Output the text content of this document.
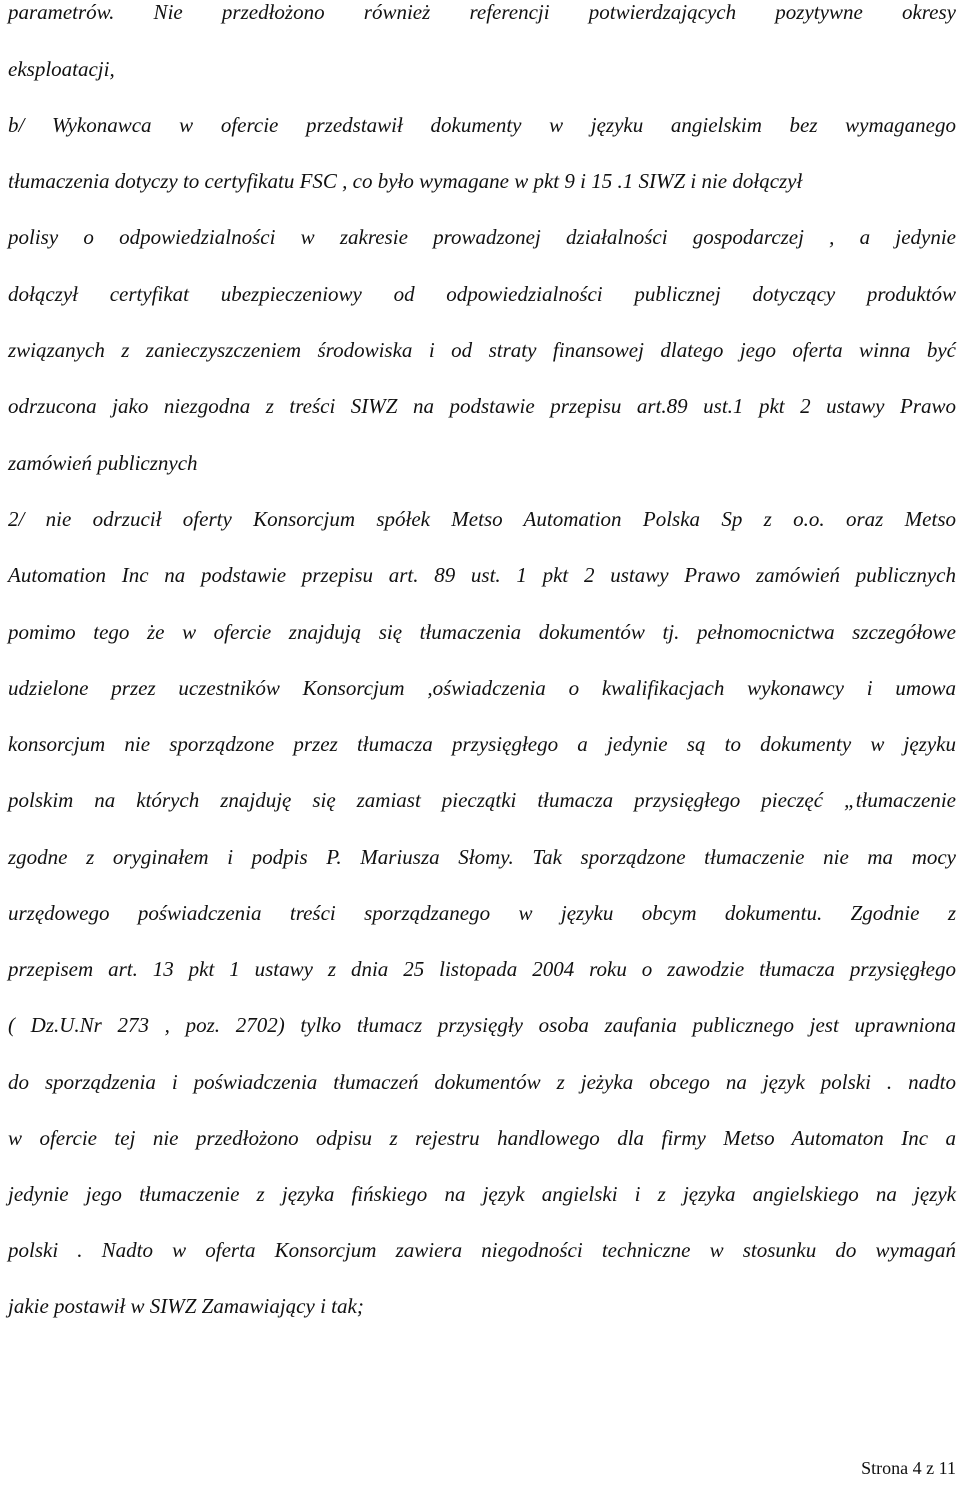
parametrów. Nie przedłożono również referencji potwierdzających pozytywne okresy
eksploatacji,
b/ Wykonawca w ofercie przedstawił dokumenty w języku angielskim bez wymaganego
tłumaczenia dotyczy to certyfikatu FSC , co było wymagane w pkt 9 i 15 .1 SIWZ i nie dołączył
polisy o odpowiedzialności w zakresie prowadzonej działalności gospodarczej , a jedynie
dołączył certyfikat ubezpieczeniowy od odpowiedzialności publicznej dotyczący produktów
związanych z zanieczyszczeniem środowiska i od straty finansowej dlatego jego oferta winna być
odrzucona jako niezgodna z treści SIWZ na podstawie przepisu art.89 ust.1 pkt 2 ustawy Prawo
zamówień publicznych
2/ nie odrzucił oferty Konsorcjum spółek Metso Automation Polska Sp z o.o. oraz Metso
Automation Inc na podstawie przepisu art. 89 ust. 1 pkt 2 ustawy Prawo zamówień publicznych
pomimo tego że w ofercie znajdują się tłumaczenia dokumentów tj. pełnomocnictwa szczegółowe
udzielone przez uczestników Konsorcjum ,oświadczenia o kwalifikacjach wykonawcy i umowa
konsorcjum nie sporządzone przez tłumacza przysięgłego a jedynie są to dokumenty w języku
polskim na których znajduję się zamiast pieczątki tłumacza przysięgłego pieczęć „tłumaczenie
zgodne z oryginałem i podpis P. Mariusza Słomy. Tak sporządzone tłumaczenie nie ma mocy
urzędowego poświadczenia treści sporządzanego w języku obcym dokumentu. Zgodnie z
przepisem art. 13 pkt 1 ustawy z dnia 25 listopada 2004 roku o zawodzie tłumacza przysięgłego
( Dz.U.Nr 273 , poz. 2702) tylko tłumacz przysięgły osoba zaufania publicznego jest uprawniona
do sporządzenia i poświadczenia tłumaczeń dokumentów z jeżyka obcego na język polski . nadto
w ofercie tej nie przedłożono odpisu z rejestru handlowego dla firmy Metso Automaton Inc a
jedynie jego tłumaczenie z języka fińskiego na język angielski i z języka angielskiego na język
polski . Nadto w oferta Konsorcjum zawiera niegodności techniczne w stosunku do wymagań
jakie postawił w SIWZ Zamawiający i tak;
Strona 4 z 11
